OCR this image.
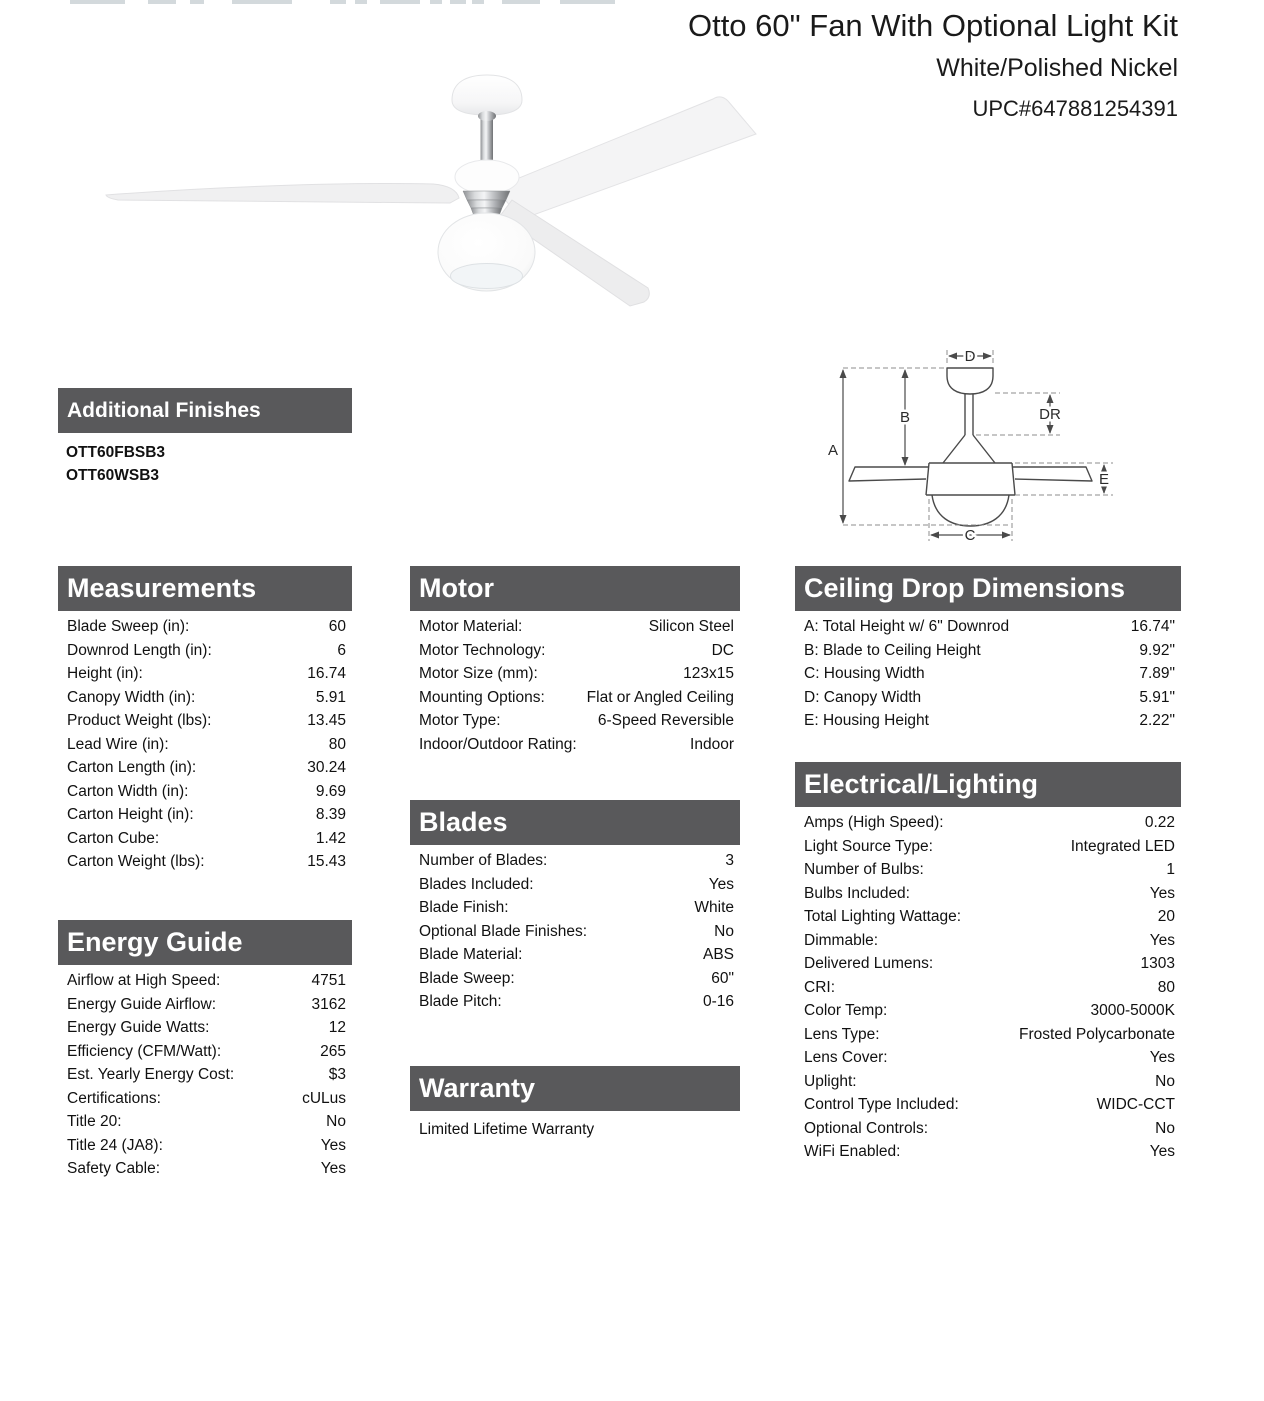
Otto 60" Fan With Optional Light Kit
White/Polished Nickel
UPC#647881254391
D
A
B	DR
E
C
Additional Finishes
OTT60FBSB3
OTT60WSB3
Measurements
Blade Sweep (in):	60
Downrod Length (in):	6
Height (in):	16.74
Canopy Width (in):	5.91
Product Weight (lbs):	13.45
Lead Wire (in):	80
Carton Length (in):	30.24
Carton Width (in):	9.69
Carton Height (in):	8.39
Carton Cube:	1.42
Carton Weight (lbs):	15.43
Energy Guide
Airflow at High Speed:	4751
Energy Guide Airflow:	3162
Energy Guide Watts:	12
Efficiency (CFM/Watt):	265
Est. Yearly Energy Cost:	$3
Certifications:	cULus
Title 20:	No
Title 24 (JA8):	Yes
Safety Cable:	Yes
Motor
Motor Material:	Silicon Steel
Motor Technology:	DC
Motor Size (mm):	123x15
Mounting Options:	Flat or Angled Ceiling
Motor Type:	6-Speed Reversible
Indoor/Outdoor Rating:	Indoor
Blades
Number of Blades:	3
Blades Included:	Yes
Blade Finish:	White
Optional Blade Finishes:	No
Blade Material:	ABS
Blade Sweep:	60"
Blade Pitch:	0-16
Warranty
Limited Lifetime Warranty
Ceiling Drop Dimensions
A: Total Height w/ 6" Downrod	16.74"
B: Blade to Ceiling Height	9.92"
C: Housing Width	7.89"
D: Canopy Width	5.91"
E: Housing Height	2.22"
Electrical/Lighting
Amps (High Speed):	0.22
Light Source Type:	Integrated LED
Number of Bulbs:	1
Bulbs Included:	Yes
Total Lighting Wattage:	20
Dimmable:	Yes
Delivered Lumens:	1303
CRI:	80
Color Temp:	3000-5000K
Lens Type:	Frosted Polycarbonate
Lens Cover:	Yes
Uplight:	No
Control Type Included:	WIDC-CCT
Optional Controls:	No
WiFi Enabled:	Yes
